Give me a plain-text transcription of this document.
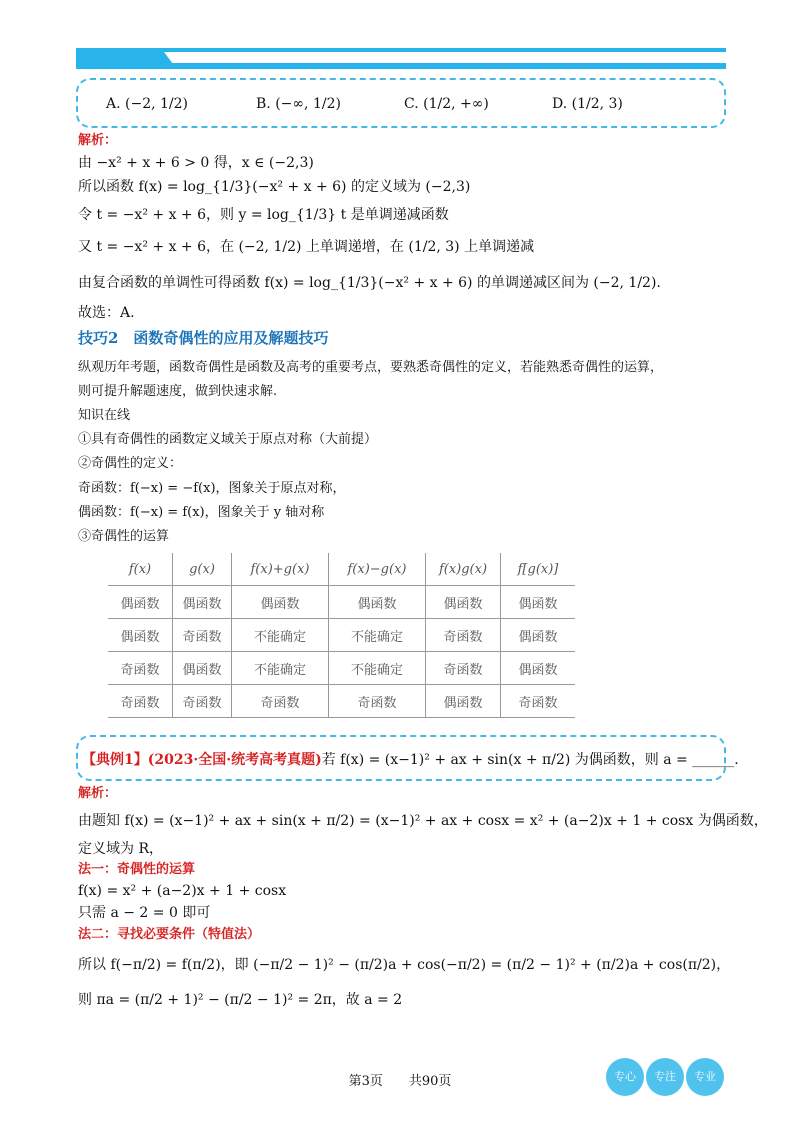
A. (−2, 1/2)	B. (−∞, 1/2)	C. (1/2, +∞)	D. (1/2, 3)
解析：
由 −x² + x + 6 > 0 得，x ∈ (−2,3)
所以函数 f(x) = log_{1/3}(−x² + x + 6) 的定义域为 (−2,3)
令 t = −x² + x + 6，则 y = log_{1/3} t 是单调递减函数
又 t = −x² + x + 6，在 (−2, 1/2) 上单调递增，在 (1/2, 3) 上单调递减
由复合函数的单调性可得函数 f(x) = log_{1/3}(−x² + x + 6) 的单调递减区间为 (−2, 1/2).
故选：A.
技巧2　函数奇偶性的应用及解题技巧
纵观历年考题，函数奇偶性是函数及高考的重要考点，要熟悉奇偶性的定义，若能熟悉奇偶性的运算，
则可提升解题速度，做到快速求解.
知识在线
①具有奇偶性的函数定义域关于原点对称（大前提）
②奇偶性的定义：
奇函数：f(−x) = −f(x)，图象关于原点对称，
偶函数：f(−x) = f(x)，图象关于 y 轴对称
③奇偶性的运算
f(x)	g(x)	f(x)+g(x)	f(x)−g(x)	f(x)g(x)	f[g(x)]
偶函数	偶函数	偶函数	偶函数	偶函数	偶函数
偶函数	奇函数	不能确定	不能确定	奇函数	偶函数
奇函数	偶函数	不能确定	不能确定	奇函数	偶函数
奇函数	奇函数	奇函数	奇函数	偶函数	奇函数
【典例1】(2023·全国·统考高考真题)若 f(x) = (x−1)² + ax + sin(x + π/2) 为偶函数，则 a = ______.
解析：
由题知 f(x) = (x−1)² + ax + sin(x + π/2) = (x−1)² + ax + cosx = x² + (a−2)x + 1 + cosx 为偶函数，
定义域为 R，
法一：奇偶性的运算
f(x) = x² + (a−2)x + 1 + cosx
只需 a − 2 = 0 即可
法二：寻找必要条件（特值法）
所以 f(−π/2) = f(π/2)，即 (−π/2 − 1)² − (π/2)a + cos(−π/2) = (π/2 − 1)² + (π/2)a + cos(π/2)，
则 πa = (π/2 + 1)² − (π/2 − 1)² = 2π，故 a = 2
第3页　　共90页	专心	专注	专业
